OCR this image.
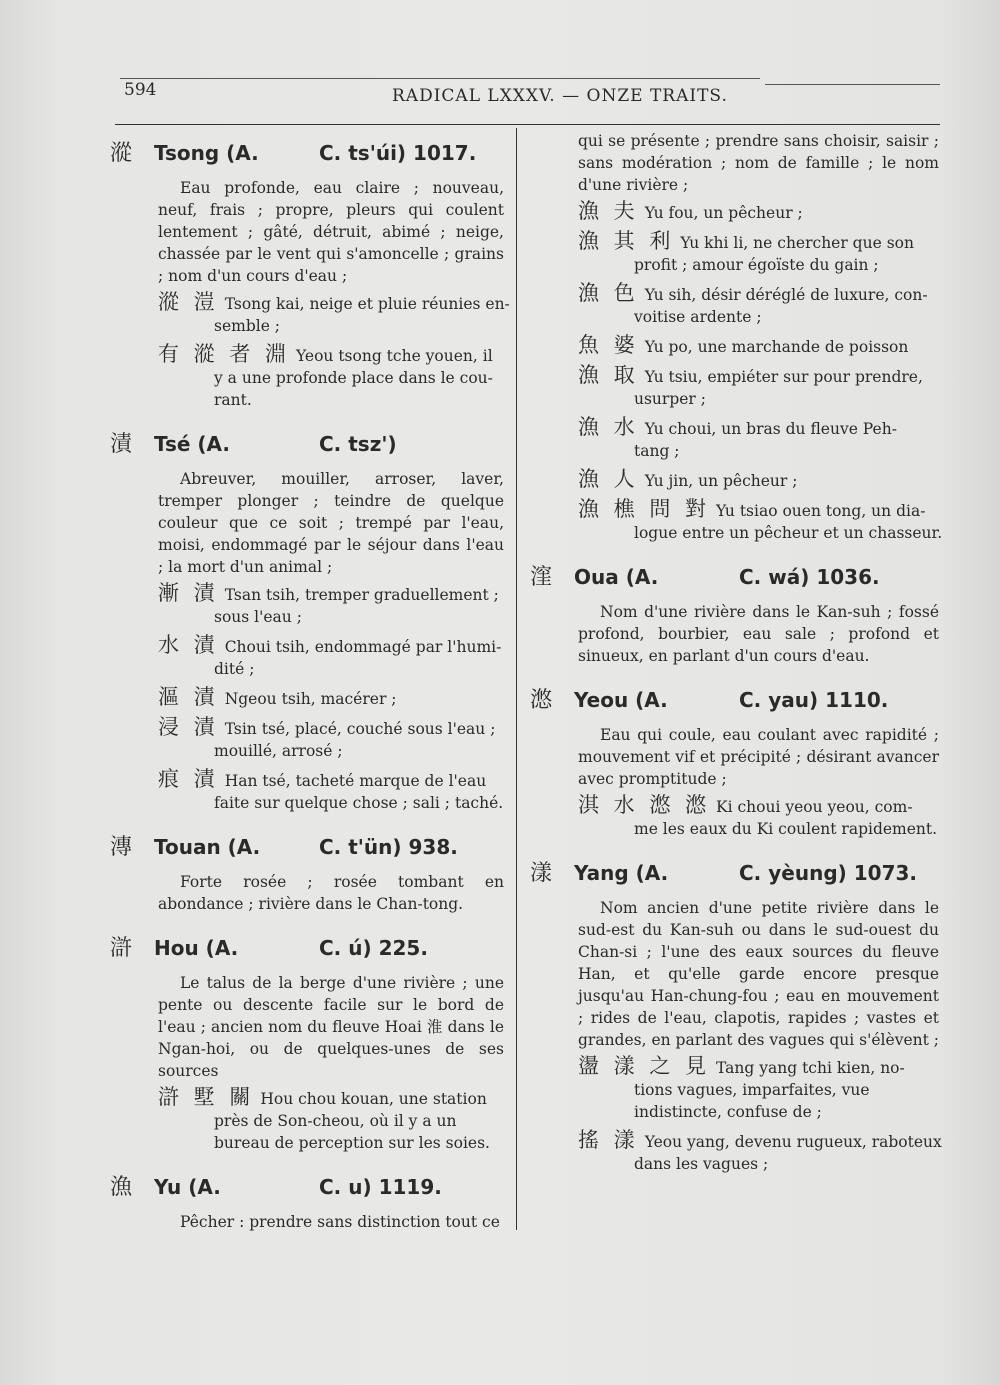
594	RADICAL LXXXV. — ONZE TRAITS.
漎	Tsong (A.	C. ts'úi) 1017.

Eau profonde, eau claire ; nouveau, neuf, frais ; propre, pleurs qui coulent lentement ; gâté, détruit, abimé ; neige, chassée par le vent qui s'amoncelle ; grains ; nom d'un cours d'eau ;

漎 溰 Tsong kai, neige et pluie réunies en-
semble ;
有 漎 者 淵 Yeou tsong tche youen, il
y a une profonde place dans le cou- rant.
漬	Tsé (A.	C. tsz')

Abreuver, mouiller, arroser, laver, tremper plonger ; teindre de quelque couleur que ce soit ; trempé par l'eau, moisi, endommagé par le séjour dans l'eau ; la mort d'un animal ;

漸 漬 Tsan tsih, tremper graduellement ;
sous l'eau ;
水 漬 Choui tsih, endommagé par l'humi-
dité ;
漚 漬 Ngeou tsih, macérer ;
浸 漬 Tsin tsé, placé, couché sous l'eau ;
mouillé, arrosé ;
痕 漬 Han tsé, tacheté marque de l'eau
faite sur quelque chose ; sali ; taché.
漙	Touan (A.	C. t'ün) 938.

Forte rosée ; rosée tombant en abondance ; rivière dans le Chan-tong.

滸	Hou (A.	C. ú) 225.

Le talus de la berge d'une rivière ; une pente ou descente facile sur le bord de l'eau ; ancien nom du fleuve Hoai 淮 dans le Ngan-hoi, ou de quelques-unes de ses sources

滸 墅 關 Hou chou kouan, une station
près de Son-cheou, où il y a un bureau de perception sur les soies.
漁	Yu (A.	C. u) 1119.

Pêcher : prendre sans distinction tout ce

qui se présente ; prendre sans choisir, saisir ; sans modération ; nom de famille ; le nom d'une rivière ;

漁 夫 Yu fou, un pêcheur ;
漁 其 利 Yu khi li, ne chercher que son
profit ; amour égoïste du gain ;
漁 色 Yu sih, désir déréglé de luxure, con-
voitise ardente ;
魚 婆 Yu po, une marchande de poisson
漁 取 Yu tsiu, empiéter sur pour prendre,
usurper ;
漁 水 Yu choui, un bras du fleuve Peh-
tang ;
漁 人 Yu jin, un pêcheur ;
漁 樵 問 對 Yu tsiao ouen tong, un dia-
logue entre un pêcheur et un chasseur.
漥	Oua (A.	C. wá) 1036.

Nom d'une rivière dans le Kan-suh ; fossé profond, bourbier, eau sale ; profond et sinueux, en parlant d'un cours d'eau.

滺	Yeou (A.	C. yau) 1110.

Eau qui coule, eau coulant avec rapidité ; mouvement vif et précipité ; désirant avancer avec promptitude ;

淇 水 滺 滺 Ki choui yeou yeou, com-
me les eaux du Ki coulent rapidement.
漾	Yang (A.	C. yèung) 1073.

Nom ancien d'une petite rivière dans le sud-est du Kan-suh ou dans le sud-ouest du Chan-si ; l'une des eaux sources du fleuve Han, et qu'elle garde encore presque jusqu'au Han-chung-fou ; eau en mouvement ; rides de l'eau, clapotis, rapides ; vastes et grandes, en parlant des vagues qui s'élèvent ;

盪 漾 之 見 Tang yang tchi kien, no-
tions vagues, imparfaites, vue indistincte, confuse de ;
搖 漾 Yeou yang, devenu rugueux, raboteux
dans les vagues ;
